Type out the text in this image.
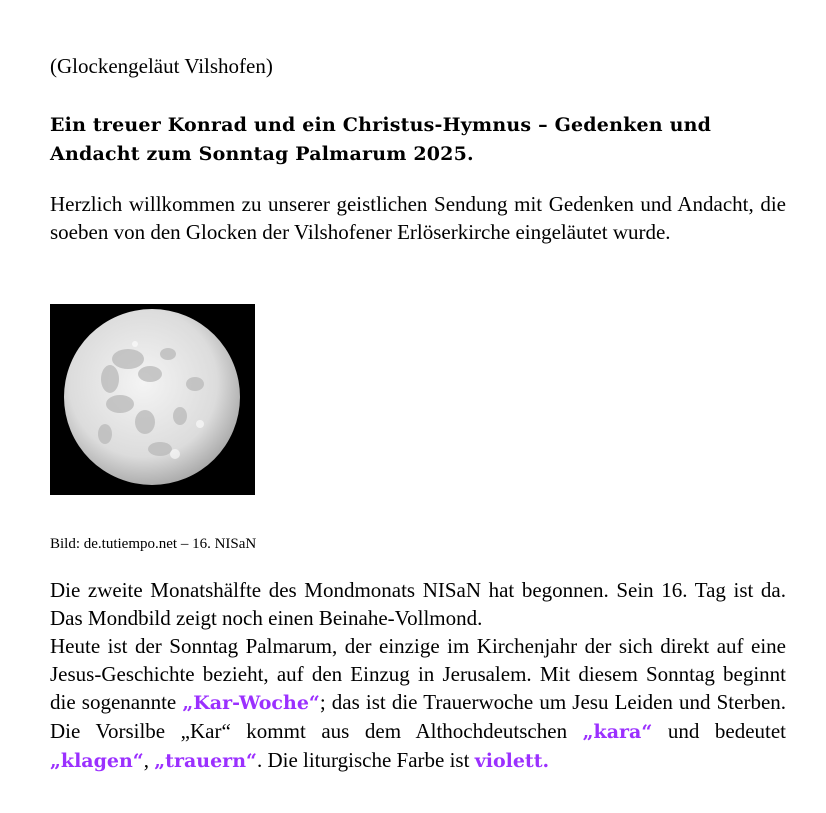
(Glockengeläut Vilshofen)
Ein treuer Konrad und ein Christus-Hymnus – Gedenken und Andacht zum Sonntag Palmarum 2025.
Herzlich willkommen zu unserer geistlichen Sendung mit Gedenken und Andacht, die soeben von den Glocken der Vilshofener Erlöserkirche eingeläutet wurde.
Bild: de.tutiempo.net – 16. NISaN

Die zweite Monatshälfte des Mondmonats NISaN hat begonnen. Sein 16. Tag ist da. Das Mondbild zeigt noch einen Beinahe-Vollmond.

Heute ist der Sonntag Palmarum, der einzige im Kirchenjahr der sich direkt auf eine Jesus-Geschichte bezieht, auf den Einzug in Jerusalem. Mit diesem Sonntag beginnt die sogenannte „Kar-Woche“; das ist die Trauerwoche um Jesu Leiden und Sterben. Die Vorsilbe „Kar“ kommt aus dem Althochdeutschen „kara“ und bedeutet „klagen“, „trauern“. Die liturgische Farbe ist violett.
